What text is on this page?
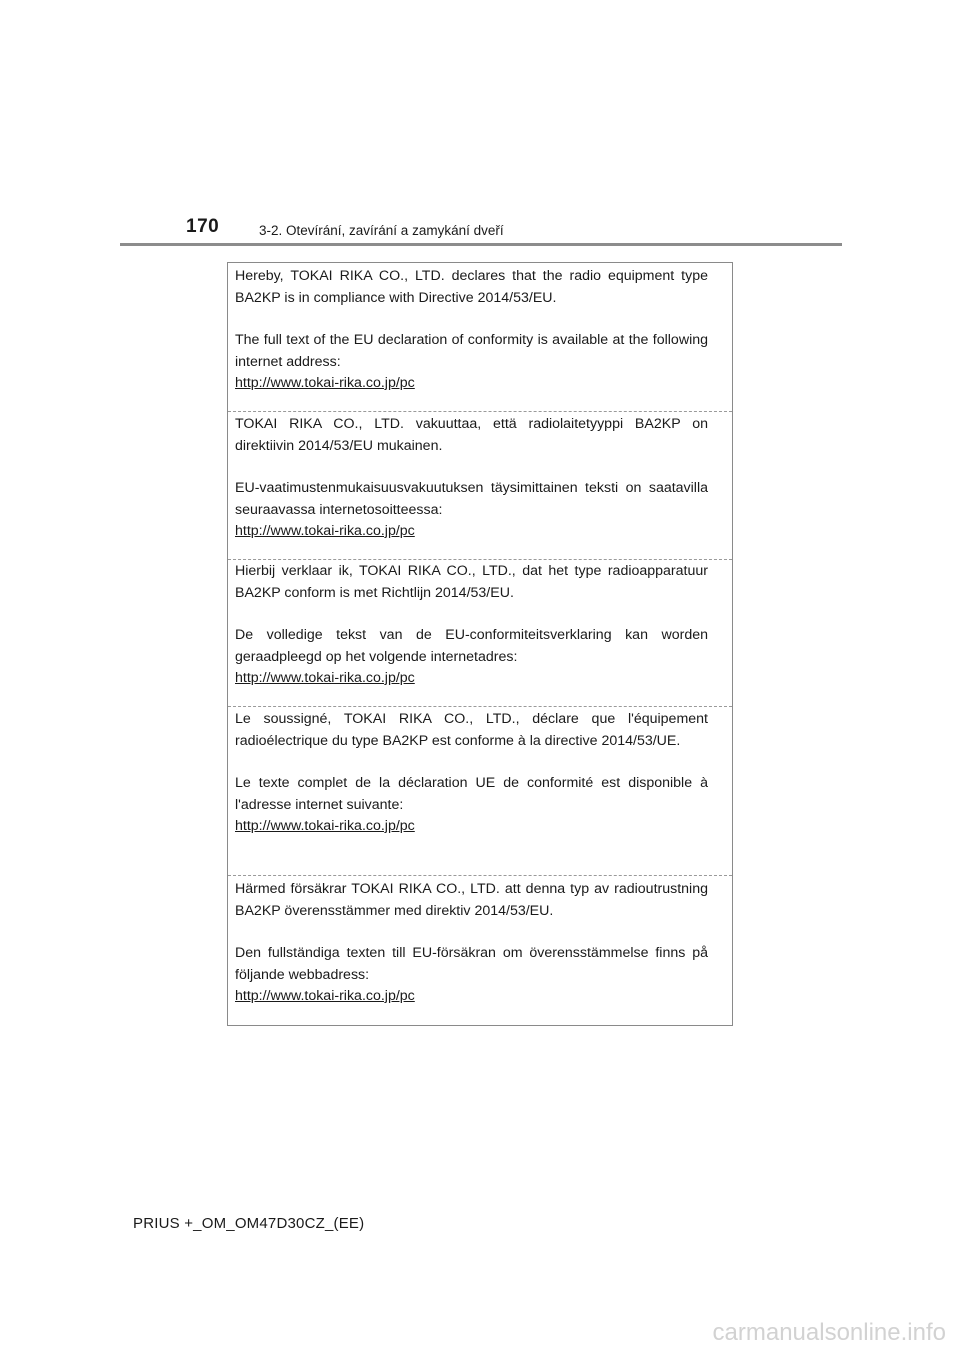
170	3-2. Otevírání, zavírání a zamykání dveří

Hereby, TOKAI RIKA CO., LTD. declares that the radio equipment type BA2KP is in compliance with Directive 2014/53/EU.

The full text of the EU declaration of conformity is available at the following internet address:

http://www.tokai-rika.co.jp/pc

TOKAI RIKA CO., LTD. vakuuttaa, että radiolaitetyyppi BA2KP on direktiivin 2014/53/EU mukainen.

EU-vaatimustenmukaisuusvakuutuksen täysimittainen teksti on saatavilla seuraavassa internetosoitteessa:

http://www.tokai-rika.co.jp/pc

Hierbij verklaar ik, TOKAI RIKA CO., LTD., dat het type radioapparatuur BA2KP conform is met Richtlijn 2014/53/EU.

De volledige tekst van de EU-conformiteitsverklaring kan worden geraadpleegd op het volgende internetadres:

http://www.tokai-rika.co.jp/pc

Le soussigné, TOKAI RIKA CO., LTD., déclare que l'équipement radioélectrique du type BA2KP est conforme à la directive 2014/53/UE.

Le texte complet de la déclaration UE de conformité est disponible à l'adresse internet suivante:

http://www.tokai-rika.co.jp/pc

Härmed försäkrar TOKAI RIKA CO., LTD. att denna typ av radioutrustning BA2KP överensstämmer med direktiv 2014/53/EU.

Den fullständiga texten till EU-försäkran om överensstämmelse finns på följande webbadress:

http://www.tokai-rika.co.jp/pc
PRIUS +_OM_OM47D30CZ_(EE)
carmanualsonline.info
